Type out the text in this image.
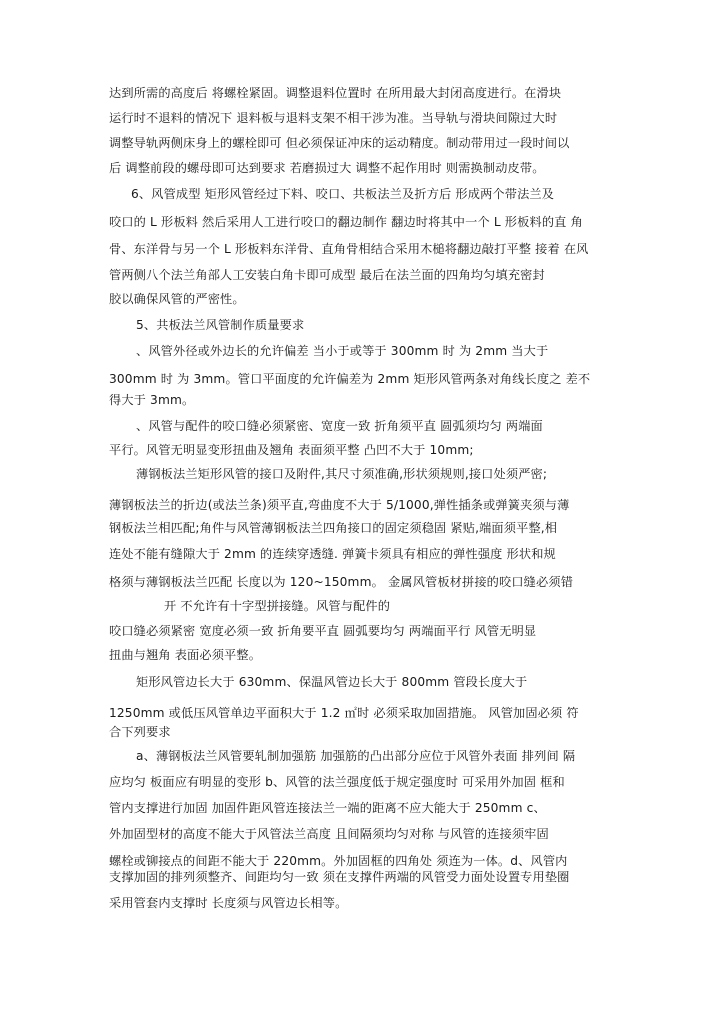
达到所需的高度后 将螺栓紧固。调整退料位置时 在所用最大封闭高度进行。在滑块
运行时不退料的情况下 退料板与退料支架不相干涉为准。当导轨与滑块间隙过大时
调整导轨两侧床身上的螺栓即可 但必须保证冲床的运动精度。制动带用过一段时间以
后 调整前段的螺母即可达到要求 若磨损过大 调整不起作用时 则需换制动皮带。
6、风管成型 矩形风管经过下料、咬口、共板法兰及折方后 形成两个带法兰及
咬口的 L 形板料 然后采用人工进行咬口的翻边制作 翻边时将其中一个 L 形板料的直 角
骨、东洋骨与另一个 L 形板料东洋骨、直角骨相结合采用木槌将翻边敲打平整 接着 在风
管两侧八个法兰角部人工安装白角卡即可成型 最后在法兰面的四角均匀填充密封
胶以确保风管的严密性。
5、共板法兰风管制作质量要求
、风管外径或外边长的允许偏差 当小于或等于 300mm 时 为 2mm 当大于
300mm 时 为 3mm。管口平面度的允许偏差为 2mm 矩形风管两条对角线长度之 差不
得大于 3mm。
、风管与配件的咬口缝必须紧密、宽度一致 折角须平直 圆弧须均匀 两端面
平行。风管无明显变形扭曲及翘角 表面须平整 凸凹不大于 10mm;
薄钢板法兰矩形风管的接口及附件,其尺寸须准确,形状须规则,接口处须严密;
薄钢板法兰的折边(或法兰条)须平直,弯曲度不大于 5/1000,弹性插条或弹簧夹须与薄
钢板法兰相匹配;角件与风管薄钢板法兰四角接口的固定须稳固 紧贴,端面须平整,相
连处不能有缝隙大于 2mm 的连续穿透缝. 弹簧卡须具有相应的弹性强度 形状和规
格须与薄钢板法兰匹配 长度以为 120~150mm。 金属风管板材拼接的咬口缝必须错
开 不允许有十字型拼接缝。风管与配件的
咬口缝必须紧密 宽度必须一致 折角要平直 圆弧要均匀 两端面平行 风管无明显
扭曲与翘角 表面必须平整。
矩形风管边长大于 630mm、保温风管边长大于 800mm 管段长度大于
1250mm 或低压风管单边平面积大于 1.2 ㎡时 必须采取加固措施。 风管加固必须 符
合下列要求
a、薄钢板法兰风管要轧制加强筋 加强筋的凸出部分应位于风管外表面 排列间 隔
应均匀 板面应有明显的变形 b、风管的法兰强度低于规定强度时 可采用外加固 框和
管内支撑进行加固 加固件距风管连接法兰一端的距离不应大能大于 250mm c、
外加固型材的高度不能大于风管法兰高度 且间隔须均匀对称 与风管的连接须牢固
螺栓或铆接点的间距不能大于 220mm。外加固框的四角处 须连为一体。d、风管内
支撑加固的排列须整齐、间距均匀一致 须在支撑件两端的风管受力面处设置专用垫圈
采用管套内支撑时 长度须与风管边长相等。
